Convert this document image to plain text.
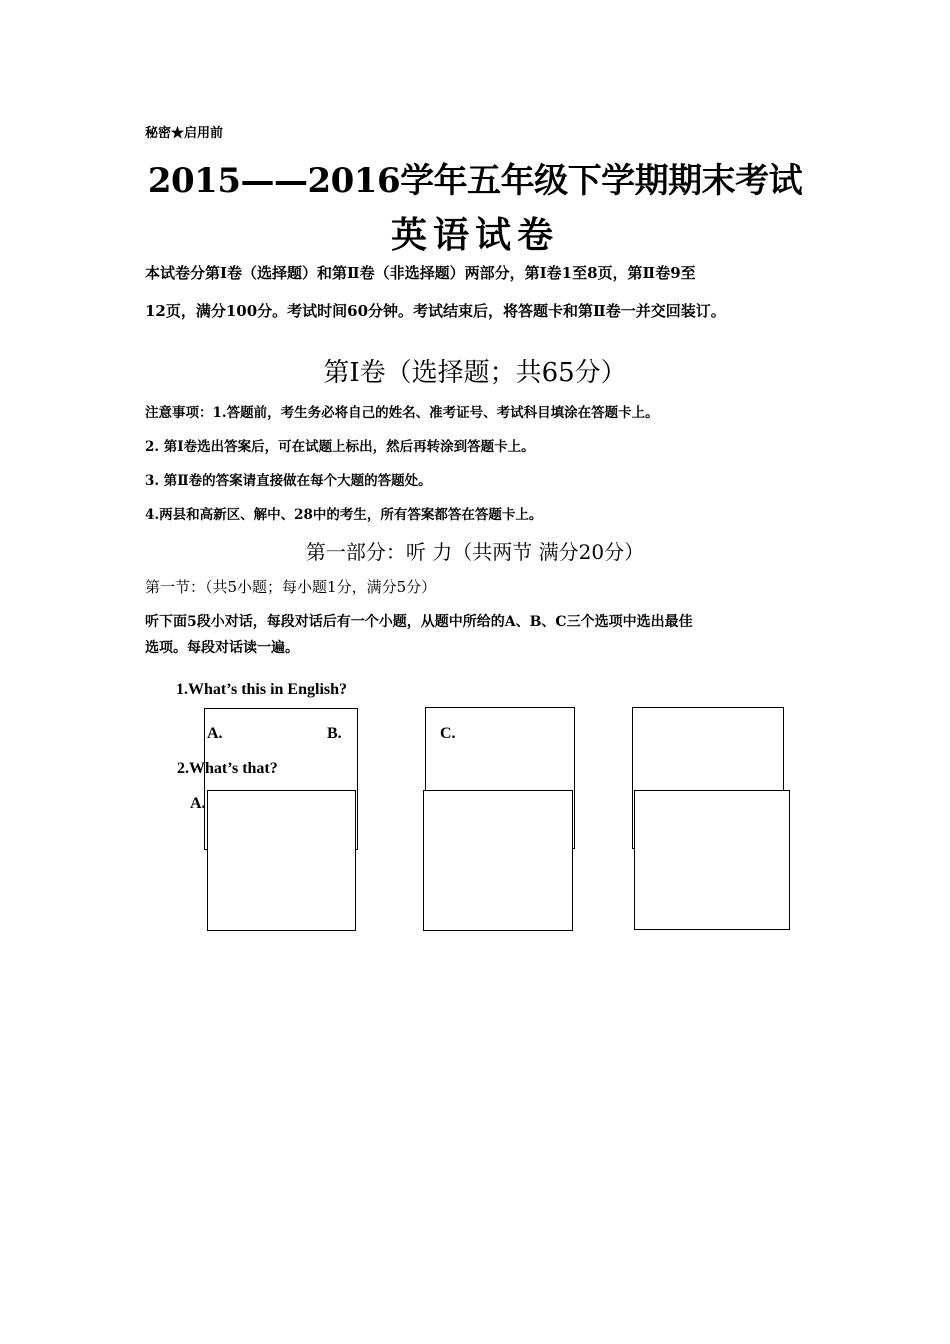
秘密★启用前
2015——2016学年五年级下学期期末考试
英语试卷
本试卷分第Ⅰ卷（选择题）和第Ⅱ卷（非选择题）两部分，第Ⅰ卷1至8页，第Ⅱ卷9至
12页，满分100分。考试时间60分钟。考试结束后，将答题卡和第Ⅱ卷一并交回装订。
第I卷（选择题；共65分）
注意事项：1.答题前，考生务必将自己的姓名、准考证号、考试科目填涂在答题卡上。
2. 第Ⅰ卷选出答案后，可在试题上标出，然后再转涂到答题卡上。
3. 第Ⅱ卷的答案请直接做在每个大题的答题处。
4.两县和高新区、解中、28中的考生，所有答案都答在答题卡上。
第一部分：听 力（共两节 满分20分）
第一节：（共5小题；每小题1分，满分5分）
听下面5段小对话，每段对话后有一个小题，从题中所给的A、B、C三个选项中选出最佳
选项。每段对话读一遍。
1.What’s this in English?
A.	B.	C.
2.What’s that?
A.
